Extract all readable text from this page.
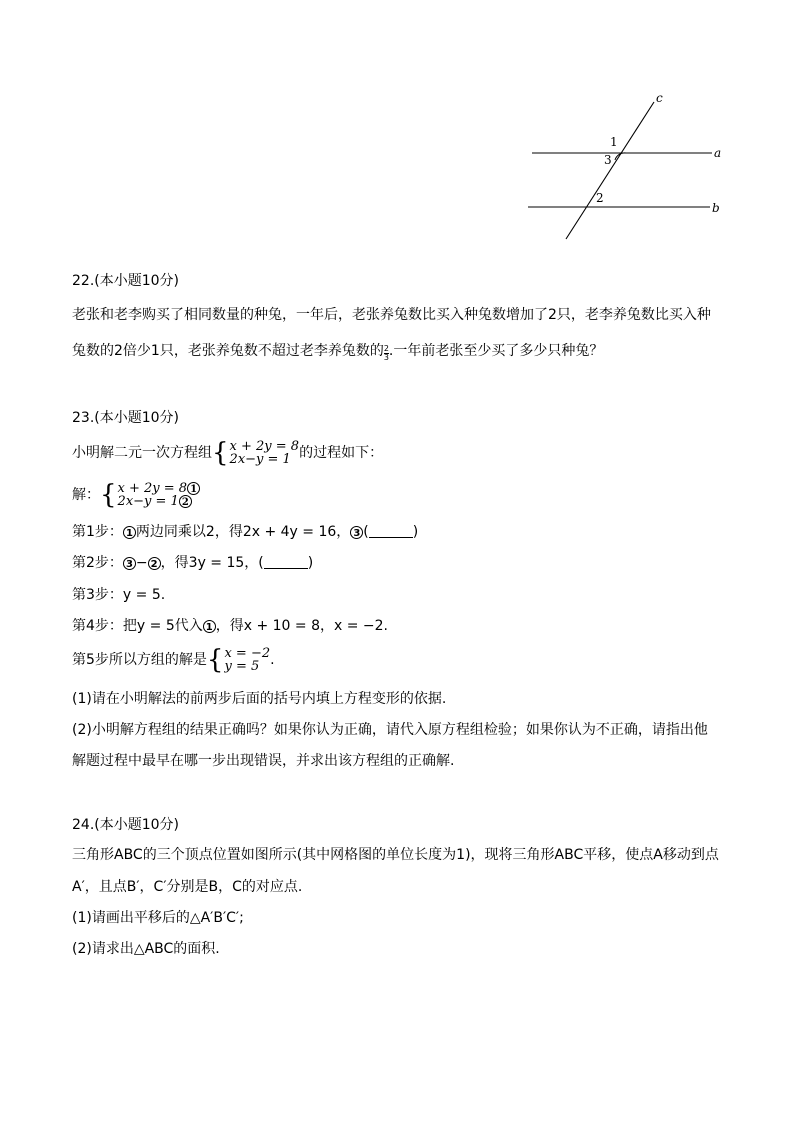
c
a
b
1
3
2
22.(本小题10分)
老张和老李购买了相同数量的种兔，一年后，老张养兔数比买入种兔数增加了2只，老李养兔数比买入种
兔数的2倍少1只，老张养兔数不超过老李养兔数的 $\frac{2}{3}$ .一年前老张至少买了多少只种兔？
23.(本小题10分)
小明解二元一次方程组 { x + 2y = 8
2x−y = 1 的过程如下：
解： { x + 2y = 8 1
2x−y = 1 2
第1步： 1 两边同乘以2，得2x + 4y = 16， 3 (	)
第2步： 3 − 2 ，得3y = 15，(	)
第3步：y = 5.
第4步：把y = 5代入 1 ，得x + 10 = 8，x = −2.
第5步所以方组的解是 { x = −2
y = 5 .
(1)请在小明解法的前两步后面的括号内填上方程变形的依据.
(2)小明解方程组的结果正确吗？如果你认为正确，请代入原方程组检验；如果你认为不正确，请指出他
解题过程中最早在哪一步出现错误，并求出该方程组的正确解.
24.(本小题10分)
三角形ABC的三个顶点位置如图所示(其中网格图的单位长度为1)，现将三角形ABC平移，使点A移动到点
A′，且点B′，C′分别是B，C的对应点.
(1)请画出平移后的△A′B′C′;
(2)请求出△ABC的面积.
